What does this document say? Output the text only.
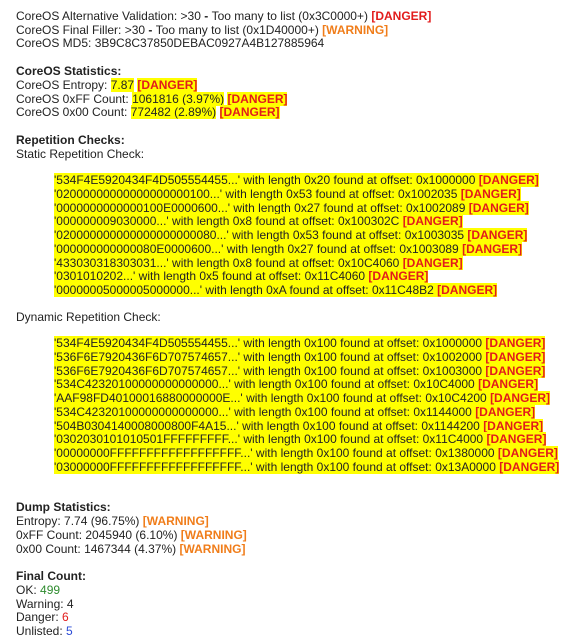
CoreOS Alternative Validation: >30 - Too many to list (0x3C0000+) [DANGER]
CoreOS Final Filler: >30 - Too many to list (0x1D40000+) [WARNING]
CoreOS MD5: 3B9C8C37850DEBAC0927A4B127885964
CoreOS Statistics:
CoreOS Entropy: 7.87 [DANGER]
CoreOS 0xFF Count: 1061816 (3.97%) [DANGER]
CoreOS 0x00 Count: 772482 (2.89%) [DANGER]
Repetition Checks:
Static Repetition Check:
'534F4E5920434F4D505554455...' with length 0x20 found at offset: 0x1000000 [DANGER]
'02000000000000000000100...' with length 0x53 found at offset: 0x1002035 [DANGER]
'0000000000000100E0000600...' with length 0x27 found at offset: 0x1002089 [DANGER]
'000000009030000...' with length 0x8 found at offset: 0x100302C [DANGER]
'020000000000000000000080...' with length 0x53 found at offset: 0x1003035 [DANGER]
'000000000000080E0000600...' with length 0x27 found at offset: 0x1003089 [DANGER]
'433030318303031...' with length 0x8 found at offset: 0x10C4060 [DANGER]
'0301010202...' with length 0x5 found at offset: 0x11C4060 [DANGER]
'00000005000005000000...' with length 0xA found at offset: 0x11C48B2 [DANGER]
Dynamic Repetition Check:
'534F4E5920434F4D505554455...' with length 0x100 found at offset: 0x1000000 [DANGER]
'536F6E7920436F6D707574657...' with length 0x100 found at offset: 0x1002000 [DANGER]
'536F6E7920436F6D707574657...' with length 0x100 found at offset: 0x1003000 [DANGER]
'534C42320100000000000000...' with length 0x100 found at offset: 0x10C4000 [DANGER]
'AAF98FD40100016880000000E...' with length 0x100 found at offset: 0x10C4200 [DANGER]
'534C42320100000000000000...' with length 0x100 found at offset: 0x1144000 [DANGER]
'504B0304140008000800F4A15...' with length 0x100 found at offset: 0x1144200 [DANGER]
'0302030101010501FFFFFFFFF...' with length 0x100 found at offset: 0x11C4000 [DANGER]
'00000000FFFFFFFFFFFFFFFFFF...' with length 0x100 found at offset: 0x1380000 [DANGER]
'03000000FFFFFFFFFFFFFFFFFF...' with length 0x100 found at offset: 0x13A0000 [DANGER]
Dump Statistics:
Entropy: 7.74 (96.75%) [WARNING]
0xFF Count: 2045940 (6.10%) [WARNING]
0x00 Count: 1467344 (4.37%) [WARNING]
Final Count:
OK: 499
Warning: 4
Danger: 6
Unlisted: 5
